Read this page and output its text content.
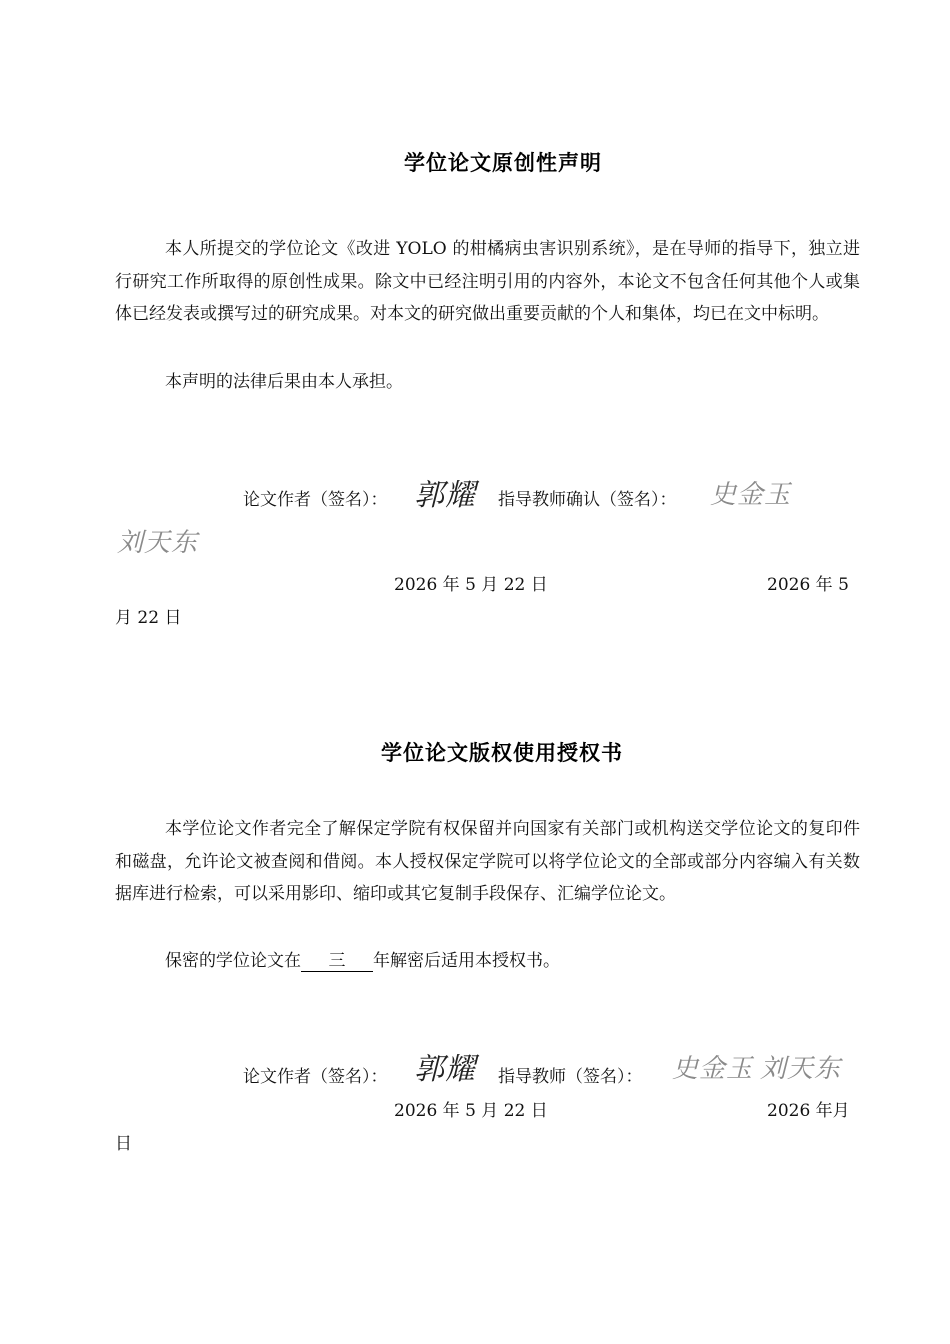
学位论文原创性声明
本人所提交的学位论文《改进 YOLO 的柑橘病虫害识别系统》，是在导师的指导下，独立进行研究工作所取得的原创性成果。除文中已经注明引用的内容外，本论文不包含任何其他个人或集体已经发表或撰写过的研究成果。对本文的研究做出重要贡献的个人和集体，均已在文中标明。
本声明的法律后果由本人承担。
论文作者（签名）： 郭耀 指导教师确认（签名）： 史金玉
刘天东
2026 年 5 月 22 日	2026 年 5
月 22 日
学位论文版权使用授权书
本学位论文作者完全了解保定学院有权保留并向国家有关部门或机构送交学位论文的复印件和磁盘，允许论文被查阅和借阅。本人授权保定学院可以将学位论文的全部或部分内容编入有关数据库进行检索，可以采用影印、缩印或其它复制手段保存、汇编学位论文。
保密的学位论文在 三 年解密后适用本授权书。
论文作者（签名）： 郭耀 指导教师（签名）： 史金玉 刘天东
2026 年 5 月 22 日	2026 年月
日
